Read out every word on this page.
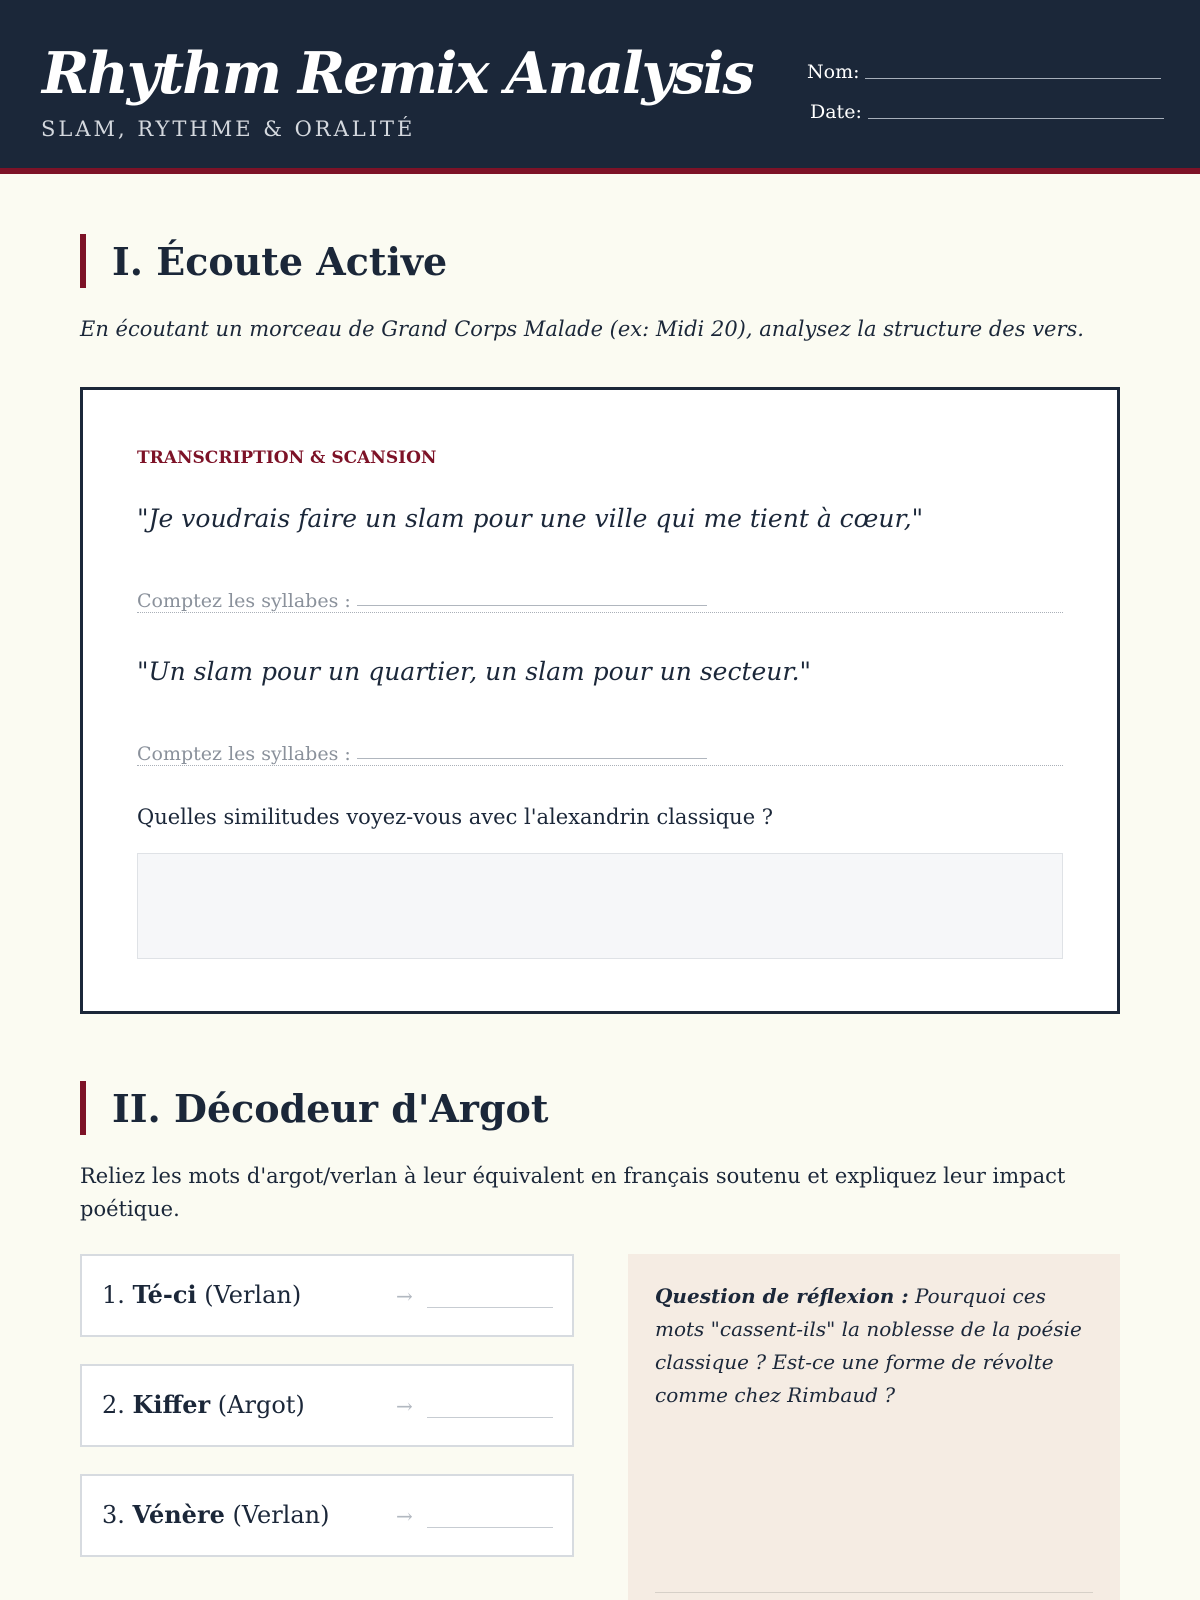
Rhythm Remix Analysis
SLAM, RYTHME & ORALITÉ
Nom:
Date:
I. Écoute Active
En écoutant un morceau de Grand Corps Malade (ex: Midi 20), analysez la structure des vers.
TRANSCRIPTION & SCANSION
"Je voudrais faire un slam pour une ville qui me tient à cœur,"
Comptez les syllabes :
"Un slam pour un quartier, un slam pour un secteur."
Comptez les syllabes :
Quelles similitudes voyez-vous avec l'alexandrin classique ?
II. Décodeur d'Argot
Reliez les mots d'argot/verlan à leur équivalent en français soutenu et expliquez leur impact poétique.
1. Té-ci (Verlan)	→
2. Kiffer (Argot)	→
3. Vénère (Verlan)	→

Question de réflexion : Pourquoi ces mots "cassent-ils" la noblesse de la poésie classique ? Est-ce une forme de révolte comme chez Rimbaud ?
